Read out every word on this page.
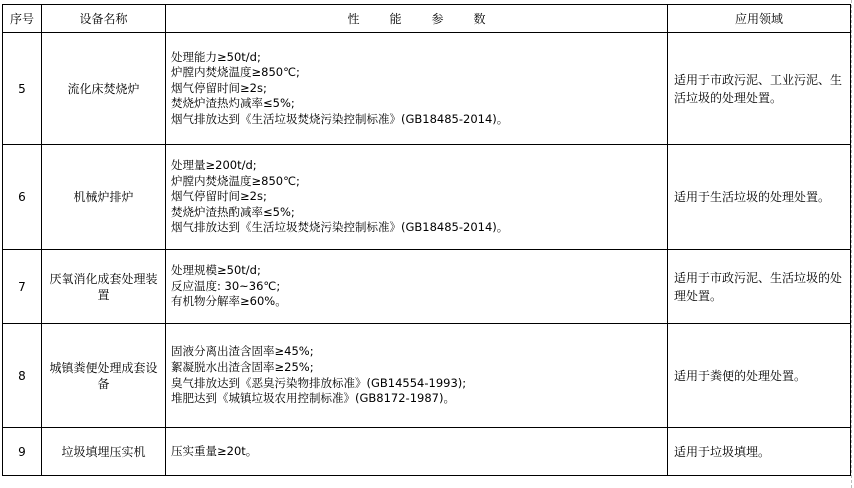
序号	设备名称	性 能 参 数	应用领域
5	流化床焚烧炉	处理能力≥50t/d;
炉膛内焚烧温度≥850℃;
烟气停留时间≥2s;
焚烧炉渣热灼减率≤5%;
烟气排放达到《生活垃圾焚烧污染控制标准》(GB18485-2014)。	适用于市政污泥、工业污泥、生活垃圾的处理处置。
6	机械炉排炉	处理量≥200t/d;
炉膛内焚烧温度≥850℃;
烟气停留时间≥2s;
焚烧炉渣热酌减率≤5%;
烟气排放达到《生活垃圾焚烧污染控制标准》(GB18485-2014)。	适用于生活垃圾的处理处置。
7	厌氧消化成套处理装置	处理规模≥50t/d;
反应温度: 30~36℃;
有机物分解率≥60%。	适用于市政污泥、生活垃圾的处理处置。
8	城镇粪便处理成套设备	固液分离出渣含固率≥45%;
絮凝脱水出渣含固率≥25%;
臭气排放达到《恶臭污染物排放标准》(GB14554-1993);
堆肥达到《城镇垃圾农用控制标准》(GB8172-1987)。	适用于粪便的处理处置。
9	垃圾填埋压实机	压实重量≥20t。	适用于垃圾填埋。
